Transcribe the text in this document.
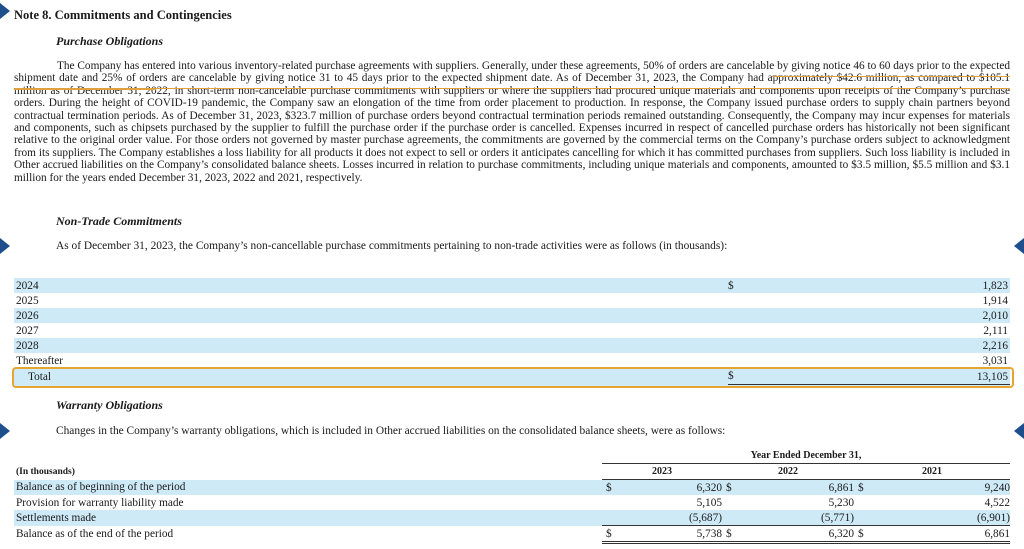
Note 8. Commitments and Contingencies
Purchase Obligations

The Company has entered into various inventory-related purchase agreements with suppliers. Generally, under these agreements, 50% of orders are cancelable by giving notice 46 to 60 days prior to the expected shipment date and 25% of orders are cancelable by giving notice 31 to 45 days prior to the expected shipment date. As of December 31, 2023, the Company had approximately $42.6 million, as compared to $105.1 million as of December 31, 2022, in short-term non-cancelable purchase commitments with suppliers or where the suppliers had procured unique materials and components upon receipts of the Company’s purchase orders. During the height of COVID-19 pandemic, the Company saw an elongation of the time from order placement to production. In response, the Company issued purchase orders to supply chain partners beyond contractual termination periods. As of December 31, 2023, $323.7 million of purchase orders beyond contractual termination periods remained outstanding. Consequently, the Company may incur expenses for materials and components, such as chipsets purchased by the supplier to fulfill the purchase order if the purchase order is cancelled. Expenses incurred in respect of cancelled purchase orders has historically not been significant relative to the original order value. For those orders not governed by master purchase agreements, the commitments are governed by the commercial terms on the Company’s purchase orders subject to acknowledgment from its suppliers. The Company establishes a loss liability for all products it does not expect to sell or orders it anticipates cancelling for which it has committed purchases from suppliers. Such loss liability is included in Other accrued liabilities on the Company’s consolidated balance sheets. Losses incurred in relation to purchase commitments, including unique materials and components, amounted to $3.5 million, $5.5 million and $3.1 million for the years ended December 31, 2023, 2022 and 2021, respectively.

Non-Trade Commitments
As of December 31, 2023, the Company’s non-cancellable purchase commitments pertaining to non-trade activities were as follows (in thousands):
2024	$	1,823
2025		1,914
2026		2,010
2027		2,111
2028		2,216
Thereafter		3,031
Total	$	13,105
Warranty Obligations
Changes in the Company’s warranty obligations, which is included in Other accrued liabilities on the consolidated balance sheets, were as follows:
		Year Ended December 31,					
(In thousands)		2023		2022		2021	
Balance as of beginning of the period		$	6,320	$	6,861	$	9,240
Provision for warranty liability made			5,105		5,230		4,522
Settlements made			(5,687)		(5,771)		(6,901)
Balance as of the end of the period		$	5,738	$	6,320	$	6,861
